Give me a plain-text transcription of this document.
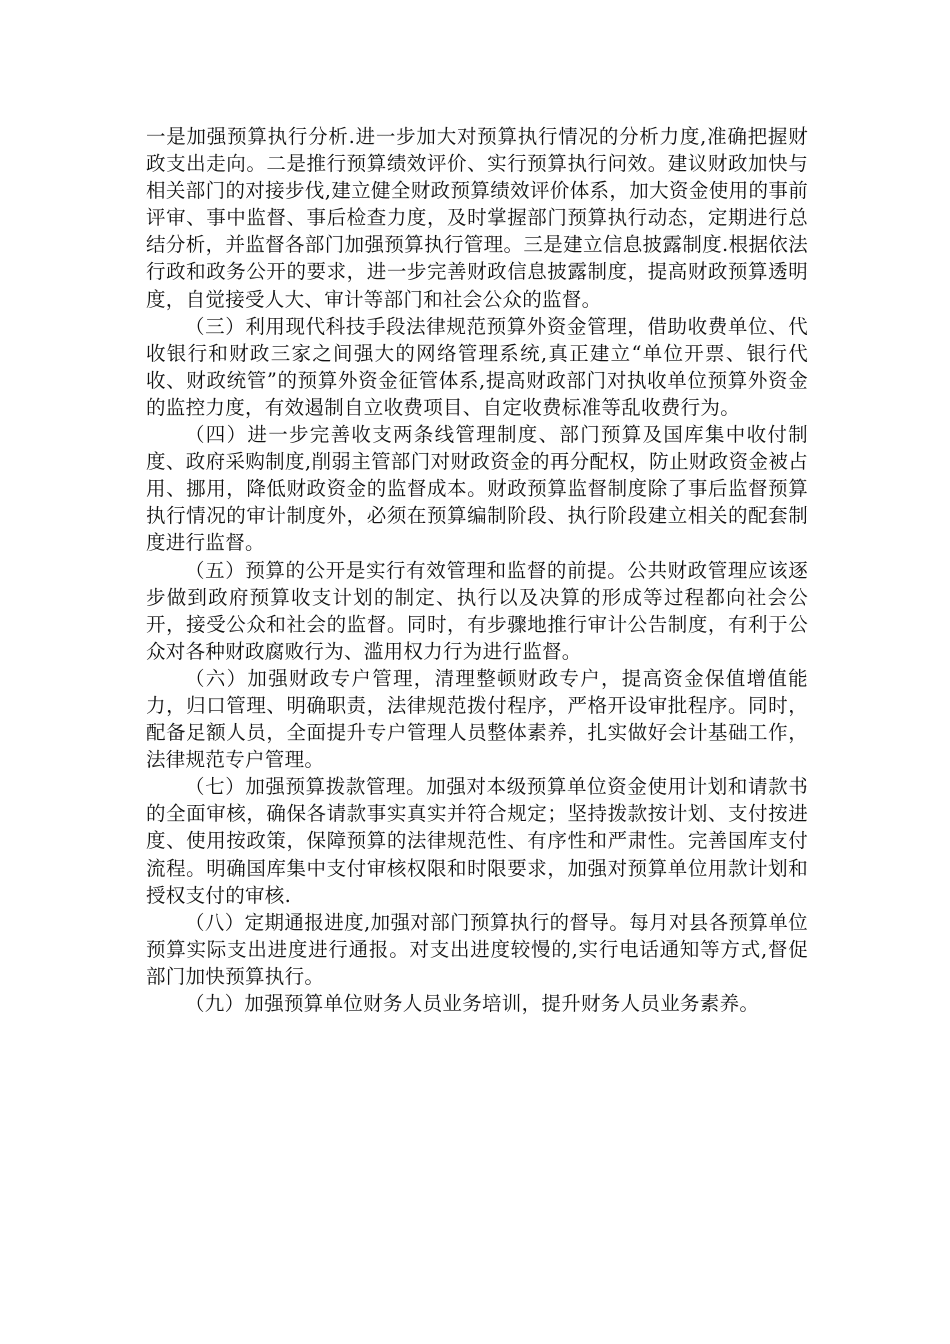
一是加强预算执行分析.进一步加大对预算执行情况的分析力度,准确把握财政支出走向。二是推行预算绩效评价、实行预算执行问效。建议财政加快与相关部门的对接步伐,建立健全财政预算绩效评价体系，加大资金使用的事前评审、事中监督、事后检查力度，及时掌握部门预算执行动态，定期进行总结分析，并监督各部门加强预算执行管理。三是建立信息披露制度.根据依法行政和政务公开的要求，进一步完善财政信息披露制度，提高财政预算透明度，自觉接受人大、审计等部门和社会公众的监督。

（三）利用现代科技手段法律规范预算外资金管理，借助收费单位、代收银行和财政三家之间强大的网络管理系统,真正建立“单位开票、银行代收、财政统管”的预算外资金征管体系,提高财政部门对执收单位预算外资金的监控力度，有效遏制自立收费项目、自定收费标准等乱收费行为。

（四）进一步完善收支两条线管理制度、部门预算及国库集中收付制度、政府采购制度,削弱主管部门对财政资金的再分配权，防止财政资金被占用、挪用，降低财政资金的监督成本。财政预算监督制度除了事后监督预算执行情况的审计制度外，必须在预算编制阶段、执行阶段建立相关的配套制度进行监督。

（五）预算的公开是实行有效管理和监督的前提。公共财政管理应该逐步做到政府预算收支计划的制定、执行以及决算的形成等过程都向社会公开，接受公众和社会的监督。同时，有步骤地推行审计公告制度，有利于公众对各种财政腐败行为、滥用权力行为进行监督。

（六）加强财政专户管理，清理整顿财政专户，提高资金保值增值能力，归口管理、明确职责，法律规范拨付程序，严格开设审批程序。同时，配备足额人员，全面提升专户管理人员整体素养，扎实做好会计基础工作，法律规范专户管理。

（七）加强预算拨款管理。加强对本级预算单位资金使用计划和请款书的全面审核，确保各请款事实真实并符合规定；坚持拨款按计划、支付按进度、使用按政策，保障预算的法律规范性、有序性和严肃性。完善国库支付流程。明确国库集中支付审核权限和时限要求，加强对预算单位用款计划和授权支付的审核.

（八）定期通报进度,加强对部门预算执行的督导。每月对县各预算单位预算实际支出进度进行通报。对支出进度较慢的,实行电话通知等方式,督促部门加快预算执行。

（九）加强预算单位财务人员业务培训，提升财务人员业务素养。
